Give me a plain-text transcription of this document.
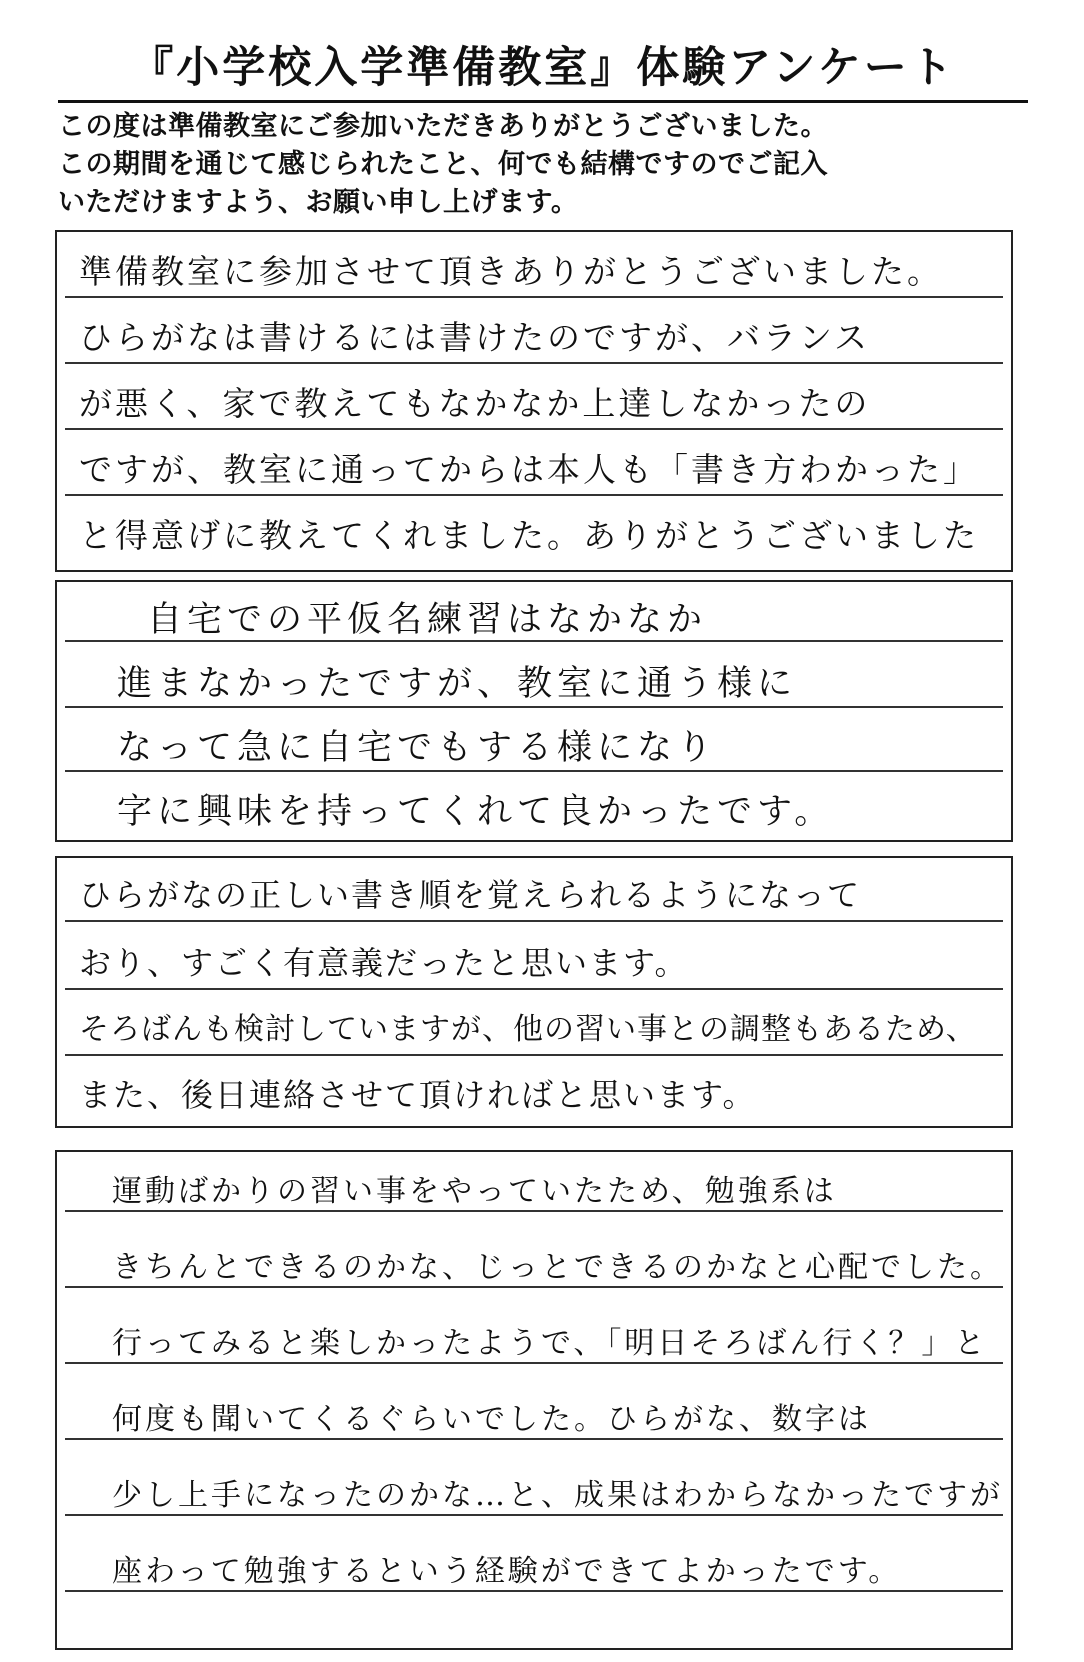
『小学校入学準備教室』体験アンケート
この度は準備教室にご参加いただきありがとうございました。
この期間を通じて感じられたこと、何でも結構ですのでご記入
いただけますよう、お願い申し上げます。
準備教室に参加させて頂きありがとうございました。
ひらがなは書けるには書けたのですが、バランス
が悪く、家で教えてもなかなか上達しなかったの
ですが、教室に通ってからは本人も「書き方わかった」
と得意げに教えてくれました。ありがとうございました
自宅での平仮名練習はなかなか
進まなかったですが、教室に通う様に
なって急に自宅でもする様になり
字に興味を持ってくれて良かったです。
ひらがなの正しい書き順を覚えられるようになって
おり、すごく有意義だったと思います。
そろばんも検討していますが、他の習い事との調整もあるため、
また、後日連絡させて頂ければと思います。
運動ばかりの習い事をやっていたため、勉強系は
きちんとできるのかな、じっとできるのかなと心配でした。
行ってみると楽しかったようで、「明日そろばん行く？」と
何度も聞いてくるぐらいでした。ひらがな、数字は
少し上手になったのかな…と、成果はわからなかったですが
座わって勉強するという経験ができてよかったです。
